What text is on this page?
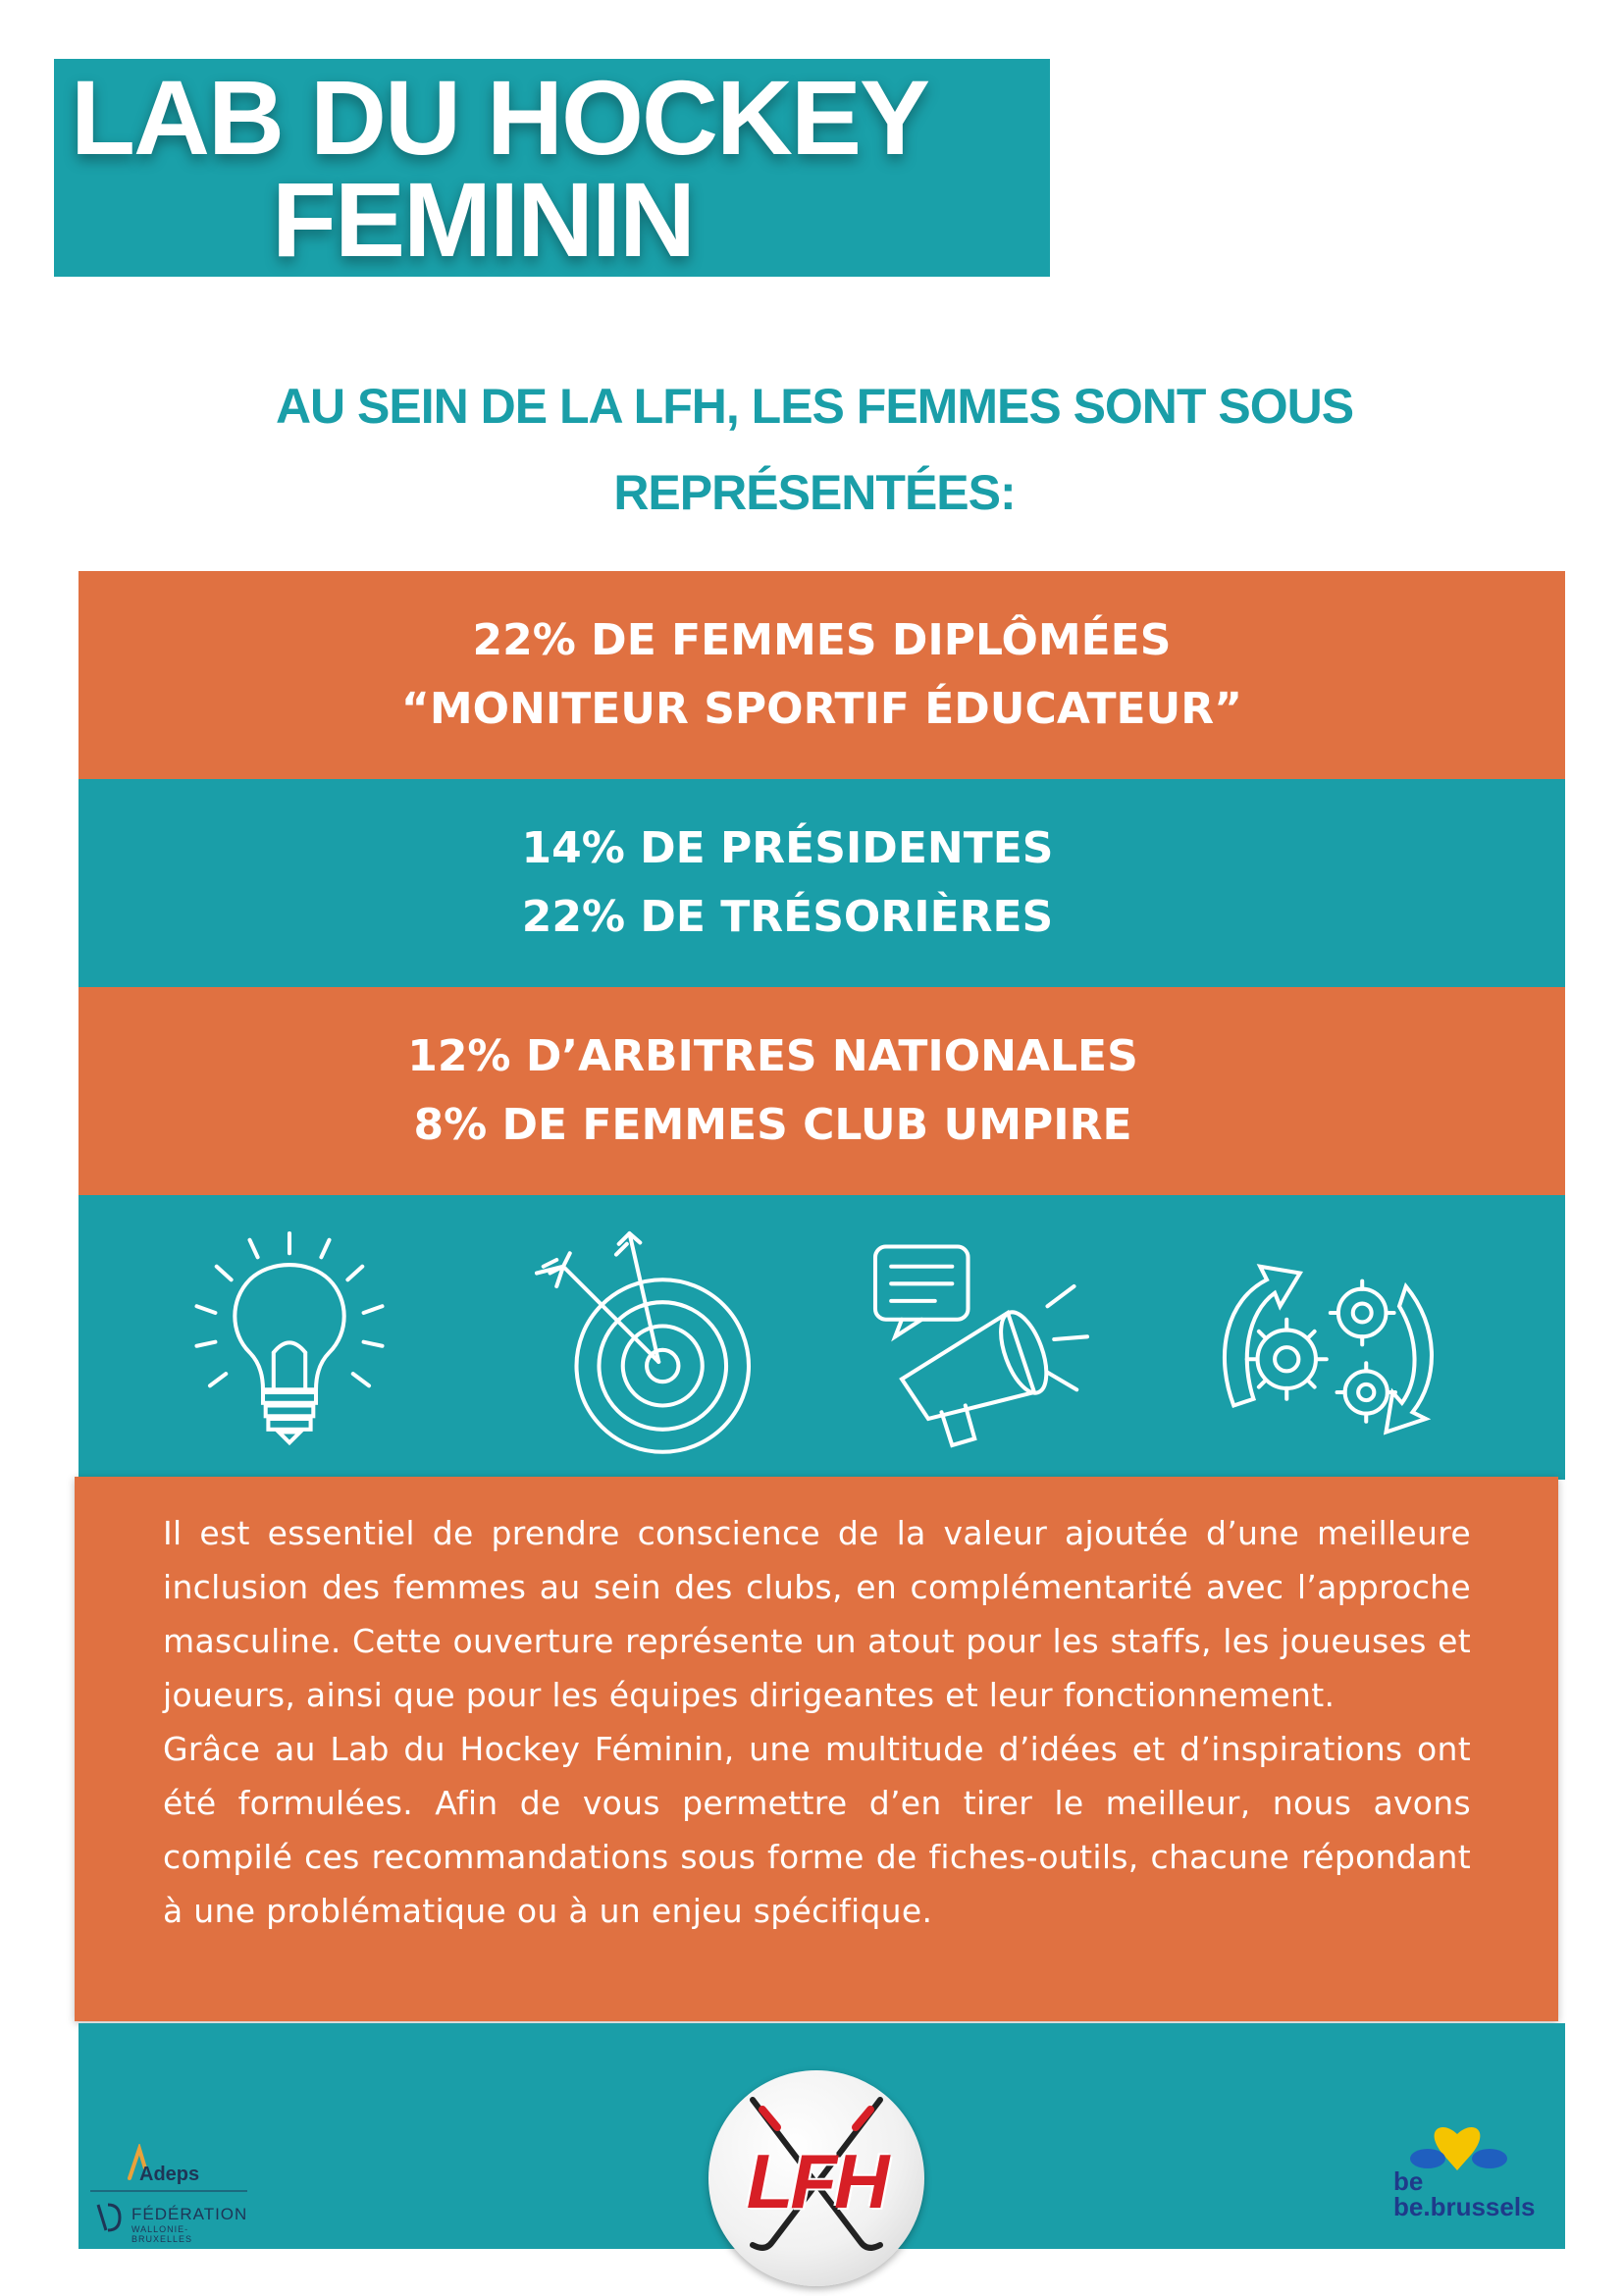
LAB DU HOCKEY
FEMININ
AU SEIN DE LA LFH, LES FEMMES SONT SOUS
REPRÉSENTÉES:
22% DE FEMMES DIPLÔMÉES
“MONITEUR SPORTIF ÉDUCATEUR”
14% DE PRÉSIDENTES
22% DE TRÉSORIÈRES
12% D’ARBITRES NATIONALES
8% DE FEMMES CLUB UMPIRE

Il est essentiel de prendre conscience de la valeur ajoutée d’une meilleure inclusion des femmes au sein des clubs, en complémentarité avec l’approche masculine. Cette ouverture représente un atout pour les staffs, les joueuses et joueurs, ainsi que pour les équipes dirigeantes et leur fonctionnement.

Grâce au Lab du Hockey Féminin, une multitude d’idées et d’inspirations ont été formulées. Afin de vous permettre d’en tirer le meilleur, nous avons compilé ces recommandations sous forme de fiches-outils, chacune répondant à une problématique ou à un enjeu spécifique.

Adeps
FÉDÉRATION
WALLONIE-BRUXELLES
LFH	be
be.brussels
